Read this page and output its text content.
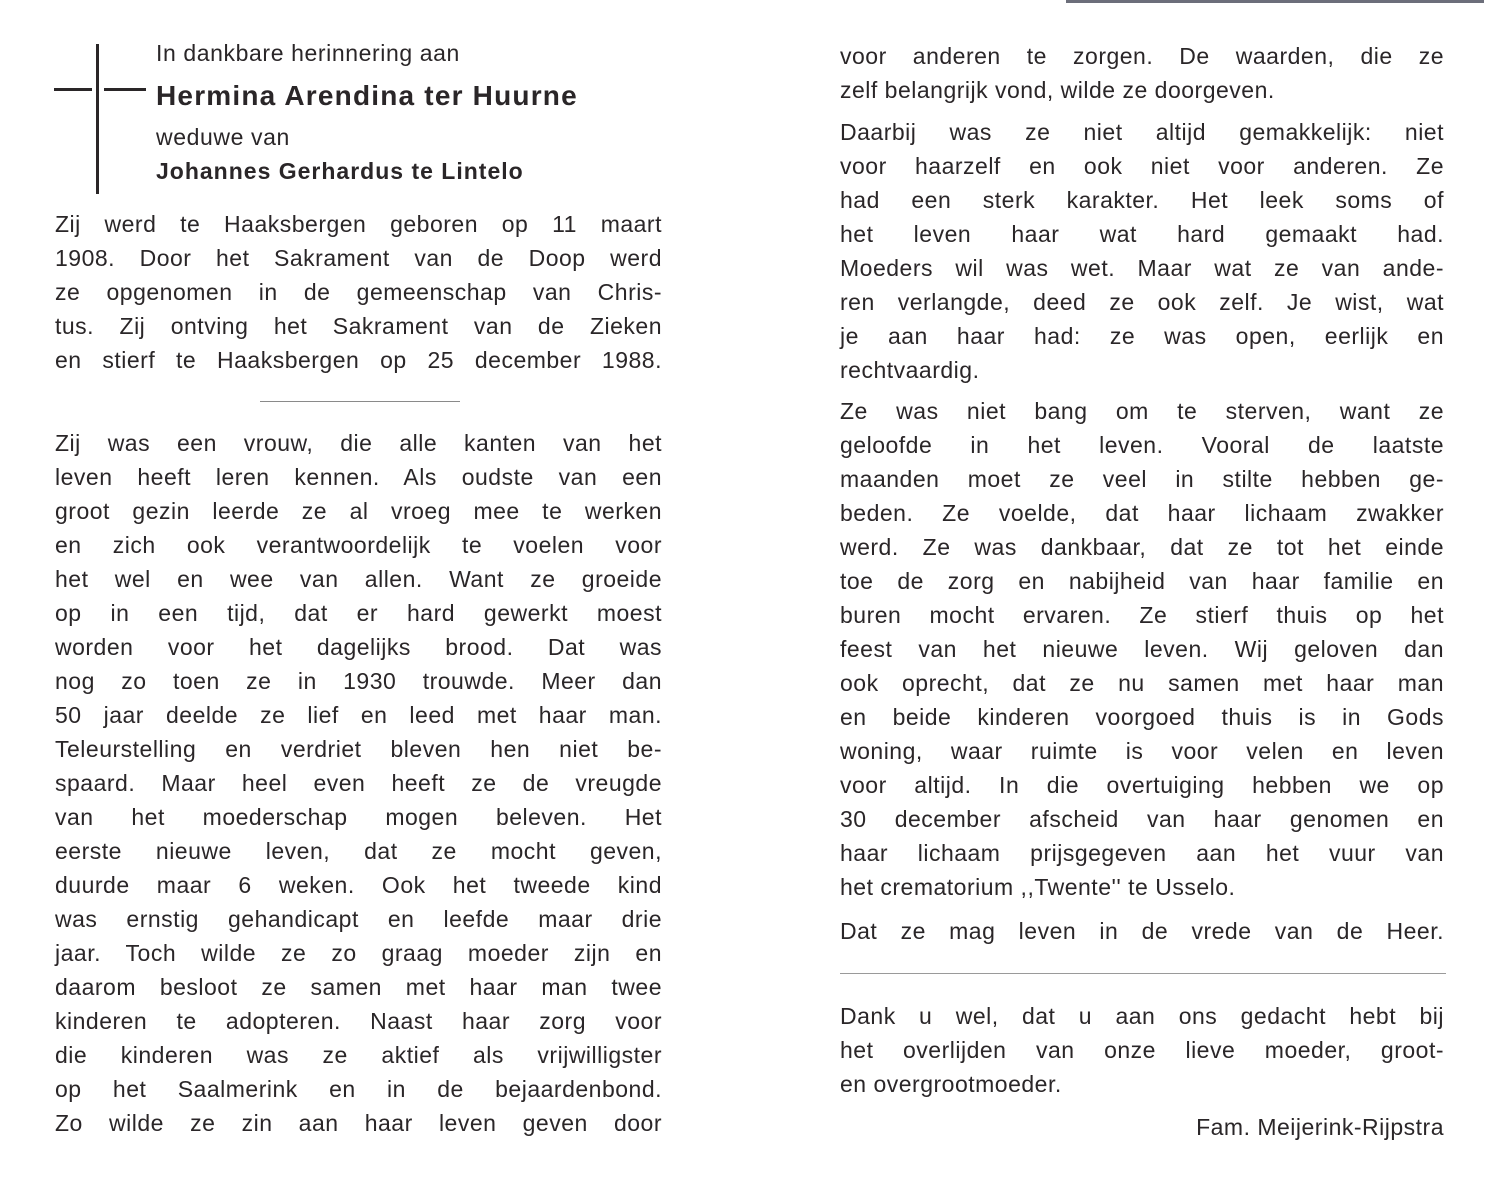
In dankbare herinnering aan
Hermina Arendina ter Huurne
weduwe van
Johannes Gerhardus te Lintelo
Zij werd te Haaksbergen geboren op 11 maart
1908. Door het Sakrament van de Doop werd
ze opgenomen in de gemeenschap van Chris-
tus. Zij ontving het Sakrament van de Zieken
en stierf te Haaksbergen op 25 december 1988.
Zij was een vrouw, die alle kanten van het
leven heeft leren kennen. Als oudste van een
groot gezin leerde ze al vroeg mee te werken
en zich ook verantwoordelijk te voelen voor
het wel en wee van allen. Want ze groeide
op in een tijd, dat er hard gewerkt moest
worden voor het dagelijks brood. Dat was
nog zo toen ze in 1930 trouwde. Meer dan
50 jaar deelde ze lief en leed met haar man.
Teleurstelling en verdriet bleven hen niet be-
spaard. Maar heel even heeft ze de vreugde
van het moederschap mogen beleven. Het
eerste nieuwe leven, dat ze mocht geven,
duurde maar 6 weken. Ook het tweede kind
was ernstig gehandicapt en leefde maar drie
jaar. Toch wilde ze zo graag moeder zijn en
daarom besloot ze samen met haar man twee
kinderen te adopteren. Naast haar zorg voor
die kinderen was ze aktief als vrijwilligster
op het Saalmerink en in de bejaardenbond.
Zo wilde ze zin aan haar leven geven door
voor anderen te zorgen. De waarden, die ze
zelf belangrijk vond, wilde ze doorgeven.
Daarbij was ze niet altijd gemakkelijk: niet
voor haarzelf en ook niet voor anderen. Ze
had een sterk karakter. Het leek soms of
het leven haar wat hard gemaakt had.
Moeders wil was wet. Maar wat ze van ande-
ren verlangde, deed ze ook zelf. Je wist, wat
je aan haar had: ze was open, eerlijk en
rechtvaardig.
Ze was niet bang om te sterven, want ze
geloofde in het leven. Vooral de laatste
maanden moet ze veel in stilte hebben ge-
beden. Ze voelde, dat haar lichaam zwakker
werd. Ze was dankbaar, dat ze tot het einde
toe de zorg en nabijheid van haar familie en
buren mocht ervaren. Ze stierf thuis op het
feest van het nieuwe leven. Wij geloven dan
ook oprecht, dat ze nu samen met haar man
en beide kinderen voorgoed thuis is in Gods
woning, waar ruimte is voor velen en leven
voor altijd. In die overtuiging hebben we op
30 december afscheid van haar genomen en
haar lichaam prijsgegeven aan het vuur van
het crematorium ,,Twente'' te Usselo.
Dat ze mag leven in de vrede van de Heer.
Dank u wel, dat u aan ons gedacht hebt bij
het overlijden van onze lieve moeder, groot-
en overgrootmoeder.
Fam. Meijerink-Rijpstra
